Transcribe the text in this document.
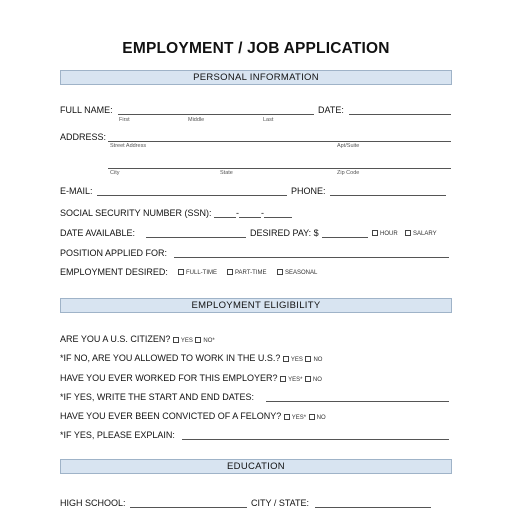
EMPLOYMENT / JOB APPLICATION
PERSONAL INFORMATION
FULL NAME:
First	Middle	Last
DATE:
ADDRESS:
Street Address	Apt/Suite
City	State	Zip Code
E-MAIL:	PHONE:
SOCIAL SECURITY NUMBER (SSN):	- -
DATE AVAILABLE:	DESIRED PAY: $	HOUR	SALARY
POSITION APPLIED FOR:
EMPLOYMENT DESIRED:	FULL-TIME	PART-TIME	SEASONAL
EMPLOYMENT ELIGIBILITY
ARE YOU A U.S. CITIZEN? YES NO*
*IF NO, ARE YOU ALLOWED TO WORK IN THE U.S.? YES NO
HAVE YOU EVER WORKED FOR THIS EMPLOYER? YES* NO
*IF YES, WRITE THE START AND END DATES:
HAVE YOU EVER BEEN CONVICTED OF A FELONY? YES* NO
*IF YES, PLEASE EXPLAIN:
EDUCATION
HIGH SCHOOL:	CITY / STATE:
